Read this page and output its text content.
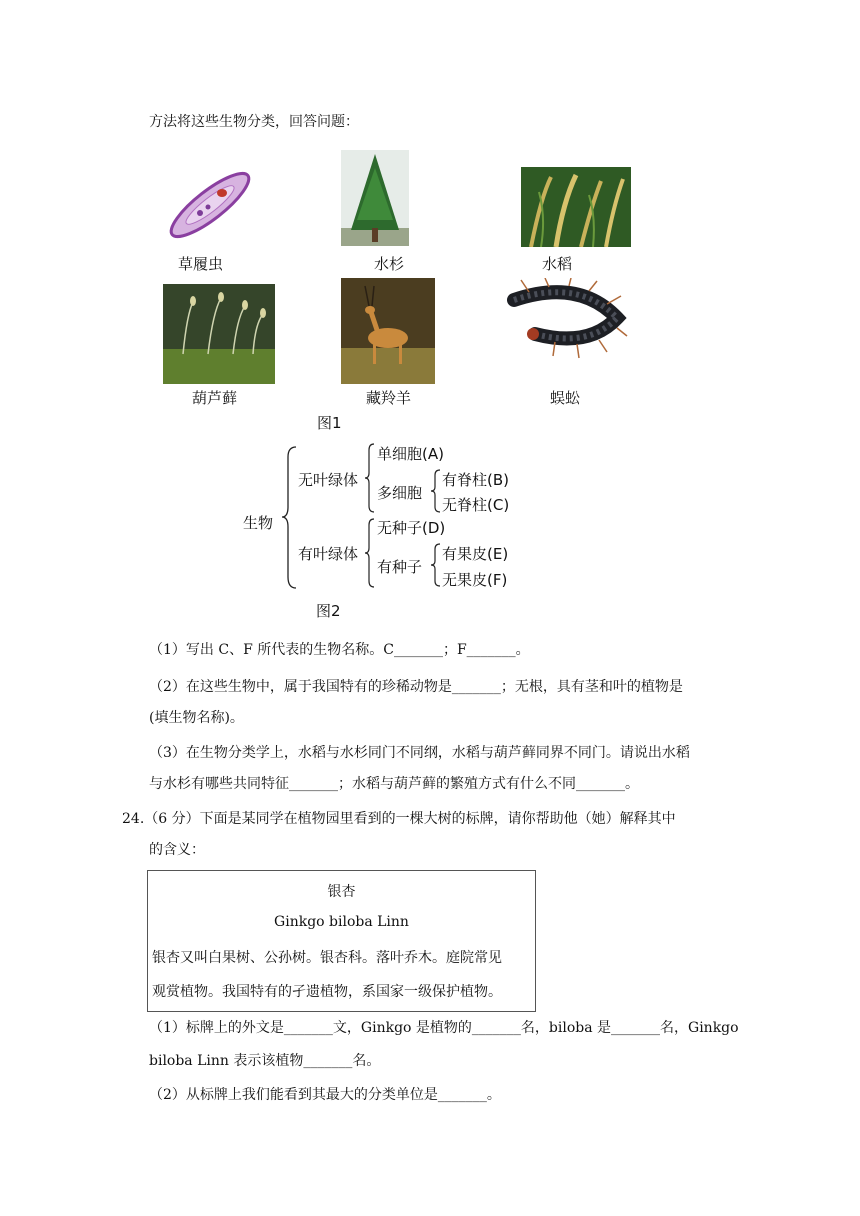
方法将这些生物分类，回答问题：
草履虫	水杉	水稻
葫芦藓	藏羚羊	蜈蚣
图1
生物
无叶绿体
有叶绿体
单细胞(A)
多细胞
无种子(D)
有种子
有脊柱(B)
无脊柱(C)
有果皮(E)
无果皮(F)
图2
（1）写出 C、F 所代表的生物名称。C_______；F_______。
（2）在这些生物中，属于我国特有的珍稀动物是_______；无根，具有茎和叶的植物是
(填生物名称)。
（3）在生物分类学上，水稻与水杉同门不同纲，水稻与葫芦藓同界不同门。请说出水稻
与水杉有哪些共同特征_______；水稻与葫芦藓的繁殖方式有什么不同_______。
24.（6 分）下面是某同学在植物园里看到的一棵大树的标牌，请你帮助他（她）解释其中
的含义：
银杏
Ginkgo biloba Linn
银杏又叫白果树、公孙树。银杏科。落叶乔木。庭院常见
观赏植物。我国特有的孑遗植物，系国家一级保护植物。
（1）标牌上的外文是_______文，Ginkgo 是植物的_______名，biloba 是_______名，Ginkgo
biloba Linn 表示该植物_______名。
（2）从标牌上我们能看到其最大的分类单位是_______。
